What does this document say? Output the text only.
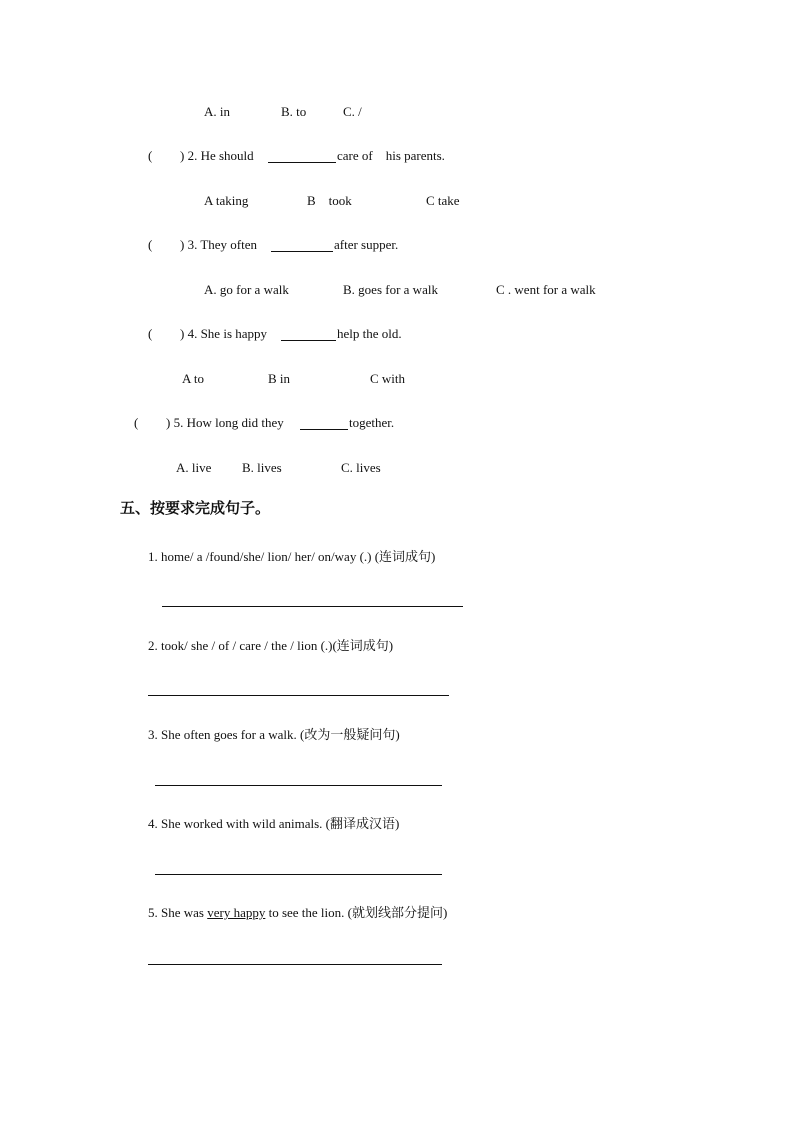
A. in	B. to	C. /
( ) 2. He should	care of    his parents.
A taking	B    took	C take
( ) 3. They often	after supper.
A. go for a walk	B. goes for a walk	C . went for a walk
( ) 4. She is happy	help the old.
A to	B in	C with
( ) 5. How long did they	together.
A. live B. lives	C. lives
五、按要求完成句子。
1. home/ a /found/she/ lion/ her/ on/way (.) (连词成句)
2. took/ she / of / care / the / lion (.)(连词成句)
3. She often goes for a walk. (改为一般疑问句)
4. She worked with wild animals. (翻译成汉语)
5. She was very happy to see the lion. (就划线部分提问)
